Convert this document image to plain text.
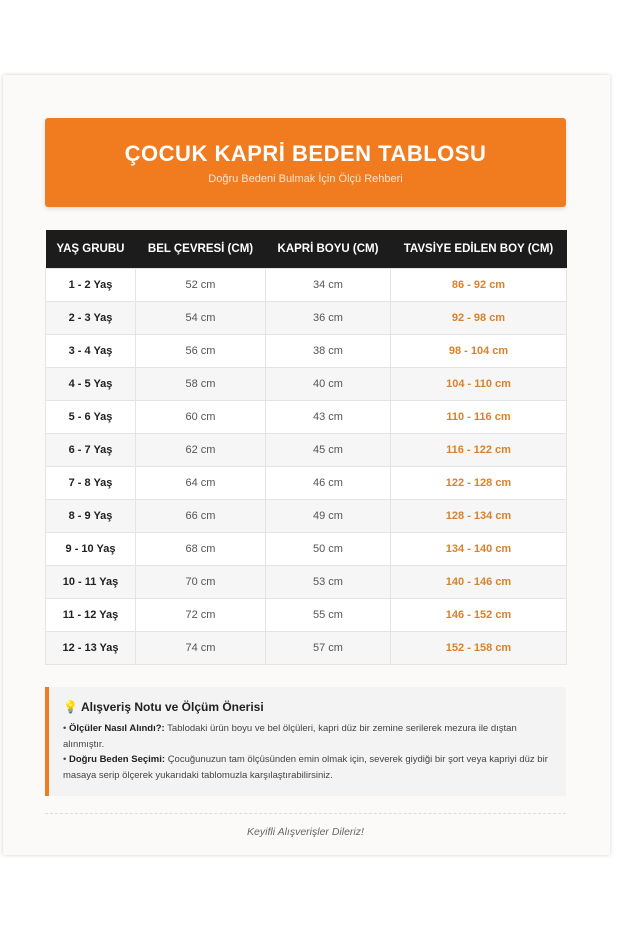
ÇOCUK KAPRİ BEDEN TABLOSU
Doğru Bedeni Bulmak İçin Ölçü Rehberi
YAŞ GRUBU	BEL ÇEVRESİ (CM)	KAPRİ BOYU (CM)	TAVSİYE EDİLEN BOY (CM)
1 - 2 Yaş	52 cm	34 cm	86 - 92 cm
2 - 3 Yaş	54 cm	36 cm	92 - 98 cm
3 - 4 Yaş	56 cm	38 cm	98 - 104 cm
4 - 5 Yaş	58 cm	40 cm	104 - 110 cm
5 - 6 Yaş	60 cm	43 cm	110 - 116 cm
6 - 7 Yaş	62 cm	45 cm	116 - 122 cm
7 - 8 Yaş	64 cm	46 cm	122 - 128 cm
8 - 9 Yaş	66 cm	49 cm	128 - 134 cm
9 - 10 Yaş	68 cm	50 cm	134 - 140 cm
10 - 11 Yaş	70 cm	53 cm	140 - 146 cm
11 - 12 Yaş	72 cm	55 cm	146 - 152 cm
12 - 13 Yaş	74 cm	57 cm	152 - 158 cm
💡 Alışveriş Notu ve Ölçüm Önerisi

• Ölçüler Nasıl Alındı?: Tablodaki ürün boyu ve bel ölçüleri, kapri düz bir zemine serilerek mezura ile dıştan alınmıştır.

• Doğru Beden Seçimi: Çocuğunuzun tam ölçüsünden emin olmak için, severek giydiği bir şort veya kapriyi düz bir masaya serip ölçerek yukarıdaki tablomuzla karşılaştırabilirsiniz.

Keyifli Alışverişler Dileriz!
